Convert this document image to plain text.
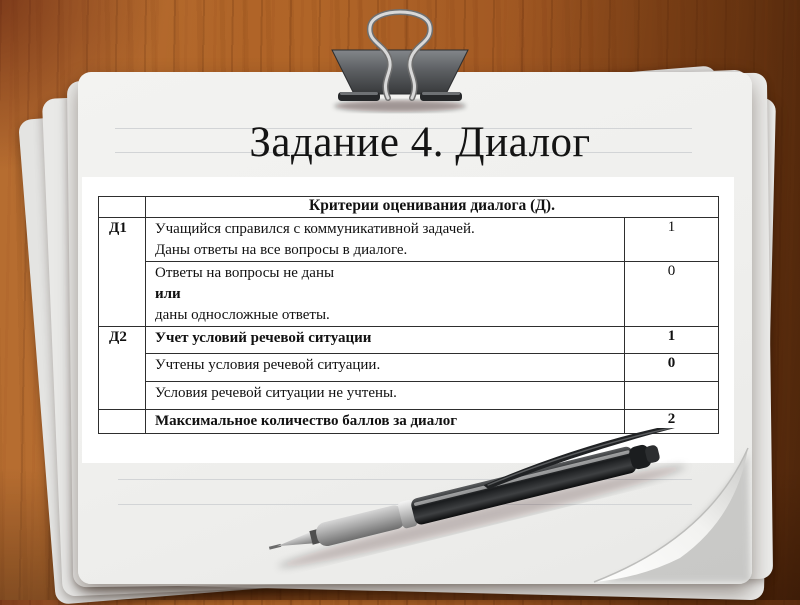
Задание 4. Диалог
	Критерии оценивания диалога (Д).	
Д1	Учащийся справился с коммуникативной задачей.
Даны ответы на все вопросы в диалоге.	1

	Ответы на вопросы не даны
или
даны односложные ответы.	0
Д2	Учет условий речевой ситуации	1
	Учтены условия речевой ситуации.	0
	Условия речевой ситуации не учтены.	
	Максимальное количество баллов за диалог	2
